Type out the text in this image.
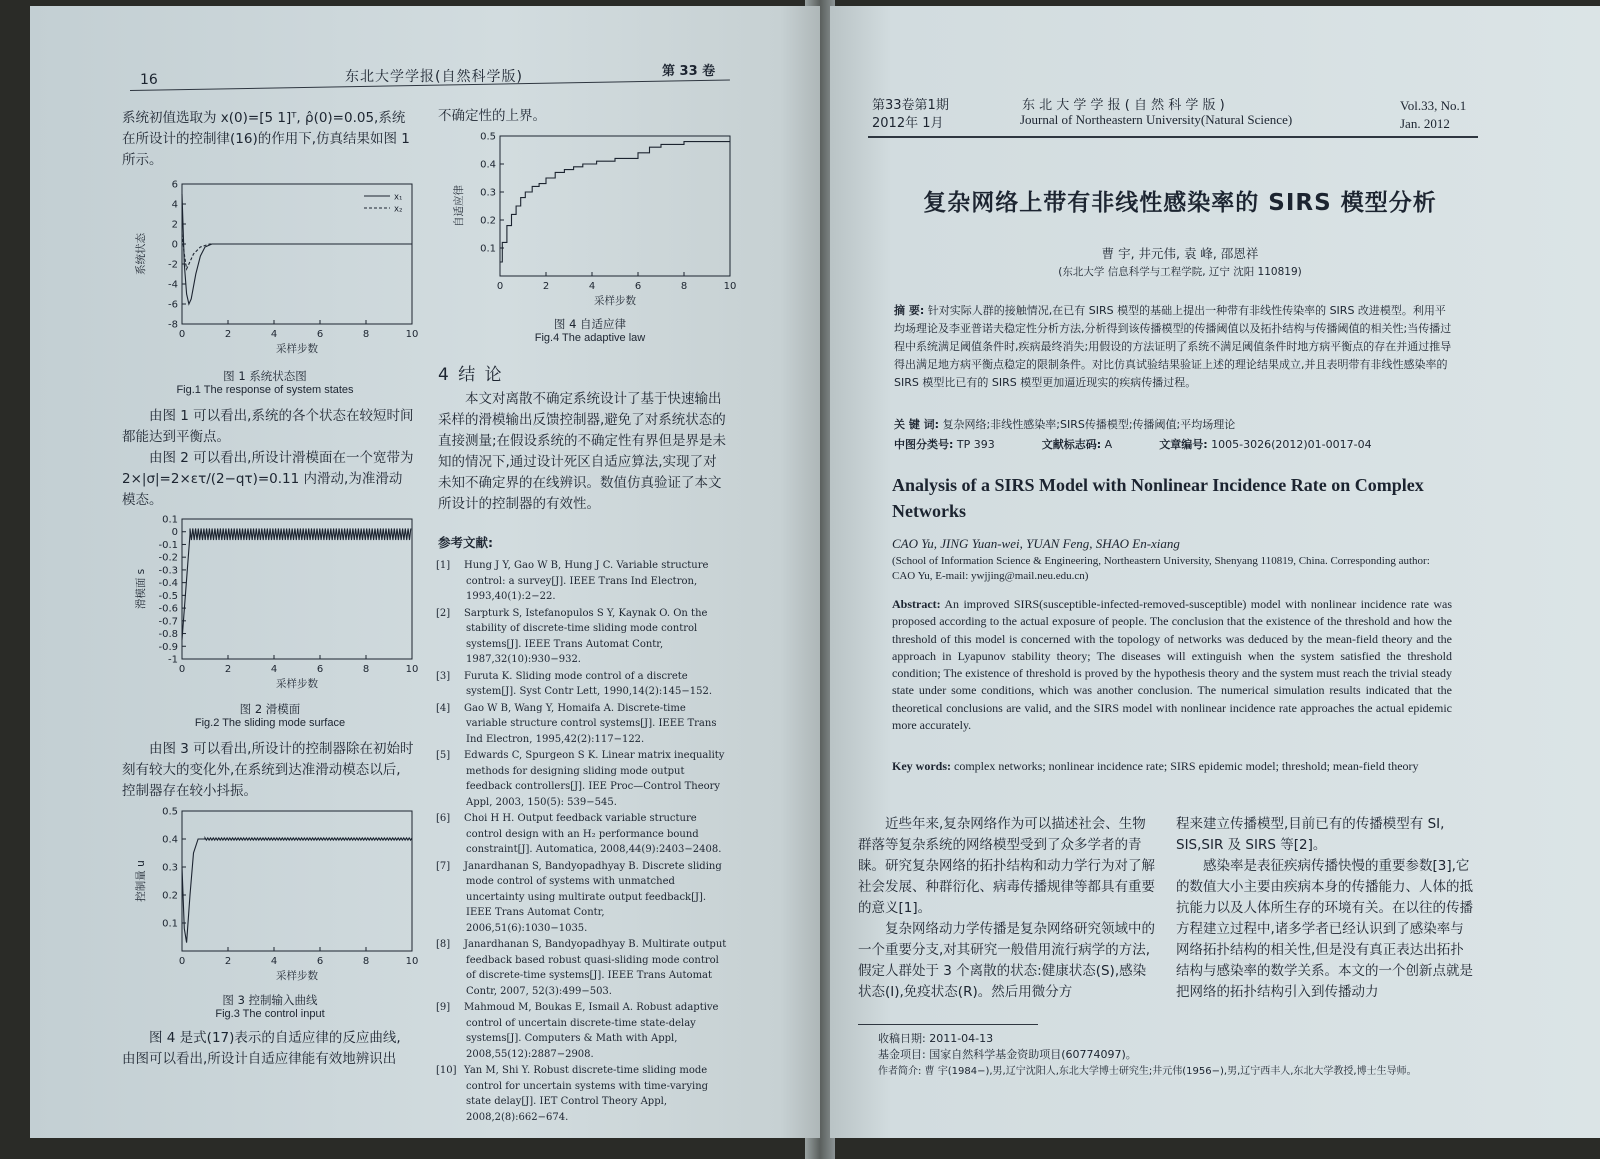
16	东北大学学报(自然科学版)	第 33 卷

系统初值选取为 x(0)=[5 1]ᵀ, ρ̂(0)=0.05,系统在所设计的控制律(16)的作用下,仿真结果如图 1 所示。

0	2	4	6	8	10
6
4
2
0
-2
-4
-6
-8
采样步数
系统状态
x₁
x₂
图 1 系统状态图
Fig.1 The response of system states

由图 1 可以看出,系统的各个状态在较短时间都能达到平衡点。

由图 2 可以看出,所设计滑模面在一个宽带为 2×|σ|=2×ετ/(2−qτ)=0.11 内滑动,为准滑动模态。

0	2	4	6	8	10
0.1
0
-0.1
-0.2
-0.3
-0.4
-0.5
-0.6
-0.7
-0.8
-0.9
-1
采样步数
滑模面 s
图 2 滑模面
Fig.2 The sliding mode surface

由图 3 可以看出,所设计的控制器除在初始时刻有较大的变化外,在系统到达准滑动模态以后,控制器存在较小抖振。

0	2	4	6	8	10
0.5
0.4
0.3
0.2
0.1
采样步数
控制量 u
图 3 控制输入曲线
Fig.3 The control input

图 4 是式(17)表示的自适应律的反应曲线,由图可以看出,所设计自适应律能有效地辨识出

不确定性的上界。
0	2	4	6	8	10
0.5
0.4
0.3
0.2
0.1
采样步数
自适应律
图 4 自适应律
Fig.4 The adaptive law
4 结 论

本文对离散不确定系统设计了基于快速输出采样的滑模输出反馈控制器,避免了对系统状态的直接测量;在假设系统的不确定性有界但是界是未知的情况下,通过设计死区自适应算法,实现了对未知不确定界的在线辨识。数值仿真验证了本文所设计的控制器的有效性。

参考文献:

[1] Hung J Y, Gao W B, Hung J C. Variable structure control: a survey[J]. IEEE Trans Ind Electron, 1993,40(1):2−22.

[2] Sarpturk S, Istefanopulos S Y, Kaynak O. On the stability of discrete-time sliding mode control systems[J]. IEEE Trans Automat Contr, 1987,32(10):930−932.

[3] Furuta K. Sliding mode control of a discrete system[J]. Syst Contr Lett, 1990,14(2):145−152.

[4] Gao W B, Wang Y, Homaifa A. Discrete-time variable structure control systems[J]. IEEE Trans Ind Electron, 1995,42(2):117−122.

[5] Edwards C, Spurgeon S K. Linear matrix inequality methods for designing sliding mode output feedback controllers[J]. IEE Proc—Control Theory Appl, 2003, 150(5): 539−545.

[6] Choi H H. Output feedback variable structure control design with an H₂ performance bound constraint[J]. Automatica, 2008,44(9):2403−2408.

[7] Janardhanan S, Bandyopadhyay B. Discrete sliding mode control of systems with unmatched uncertainty using multirate output feedback[J]. IEEE Trans Automat Contr, 2006,51(6):1030−1035.

[8] Janardhanan S, Bandyopadhyay B. Multirate output feedback based robust quasi-sliding mode control of discrete-time systems[J]. IEEE Trans Automat Contr, 2007, 52(3):499−503.

[9] Mahmoud M, Boukas E, Ismail A. Robust adaptive control of uncertain discrete-time state-delay systems[J]. Computers & Math with Appl, 2008,55(12):2887−2908.

[10] Yan M, Shi Y. Robust discrete-time sliding mode control for uncertain systems with time-varying state delay[J]. IET Control Theory Appl, 2008,2(8):662−674.

第33卷第1期
2012年 1月
东 北 大 学 学 报 ( 自 然 科 学 版 )
Journal of Northeastern University(Natural Science)
Vol.33, No.1
Jan. 2012
复杂网络上带有非线性感染率的 SIRS 模型分析
曹 宇, 井元伟, 袁 峰, 邵恩祥
(东北大学 信息科学与工程学院, 辽宁 沈阳 110819)
摘 要: 针对实际人群的接触情况,在已有 SIRS 模型的基础上提出一种带有非线性传染率的 SIRS 改进模型。利用平均场理论及李亚普诺夫稳定性分析方法,分析得到该传播模型的传播阈值以及拓扑结构与传播阈值的相关性;当传播过程中系统满足阈值条件时,疾病最终消失;用假设的方法证明了系统不满足阈值条件时地方病平衡点的存在并通过推导得出满足地方病平衡点稳定的限制条件。对比仿真试验结果验证上述的理论结果成立,并且表明带有非线性感染率的 SIRS 模型比已有的 SIRS 模型更加逼近现实的疾病传播过程。
关 键 词: 复杂网络;非线性感染率;SIRS传播模型;传播阈值;平均场理论
中图分类号: TP 393	文献标志码: A	文章编号: 1005-3026(2012)01-0017-04
Analysis of a SIRS Model with Nonlinear Incidence Rate on Complex Networks
CAO Yu, JING Yuan-wei, YUAN Feng, SHAO En-xiang
(School of Information Science & Engineering, Northeastern University, Shenyang 110819, China. Corresponding author: CAO Yu, E-mail: ywjjing@mail.neu.edu.cn)
Abstract: An improved SIRS(susceptible-infected-removed-susceptible) model with nonlinear incidence rate was proposed according to the actual exposure of people. The conclusion that the existence of the threshold and how the threshold of this model is concerned with the topology of networks was deduced by the mean-field theory and the approach in Lyapunov stability theory; The diseases will extinguish when the system satisfied the threshold condition; The existence of threshold is proved by the hypothesis theory and the system must reach the trivial steady state under some conditions, which was another conclusion. The numerical simulation results indicated that the theoretical conclusions are valid, and the SIRS model with nonlinear incidence rate approaches the actual epidemic more accurately.
Key words: complex networks; nonlinear incidence rate; SIRS epidemic model; threshold; mean-field theory

近些年来,复杂网络作为可以描述社会、生物群落等复杂系统的网络模型受到了众多学者的青睐。研究复杂网络的拓扑结构和动力学行为对了解社会发展、种群衍化、病毒传播规律等都具有重要的意义[1]。

复杂网络动力学传播是复杂网络研究领域中的一个重要分支,对其研究一般借用流行病学的方法,假定人群处于 3 个离散的状态:健康状态(S),感染状态(I),免疫状态(R)。然后用微分方

程来建立传播模型,目前已有的传播模型有 SI, SIS,SIR 及 SIRS 等[2]。

感染率是表征疾病传播快慢的重要参数[3],它的数值大小主要由疾病本身的传播能力、人体的抵抗能力以及人体所生存的环境有关。在以往的传播方程建立过程中,诸多学者已经认识到了感染率与网络拓扑结构的相关性,但是没有真正表达出拓扑结构与感染率的数学关系。本文的一个创新点就是把网络的拓扑结构引入到传播动力

收稿日期: 2011-04-13
基金项目: 国家自然科学基金资助项目(60774097)。
作者简介: 曹 宇(1984−),男,辽宁沈阳人,东北大学博士研究生;井元伟(1956−),男,辽宁西丰人,东北大学教授,博士生导师。
